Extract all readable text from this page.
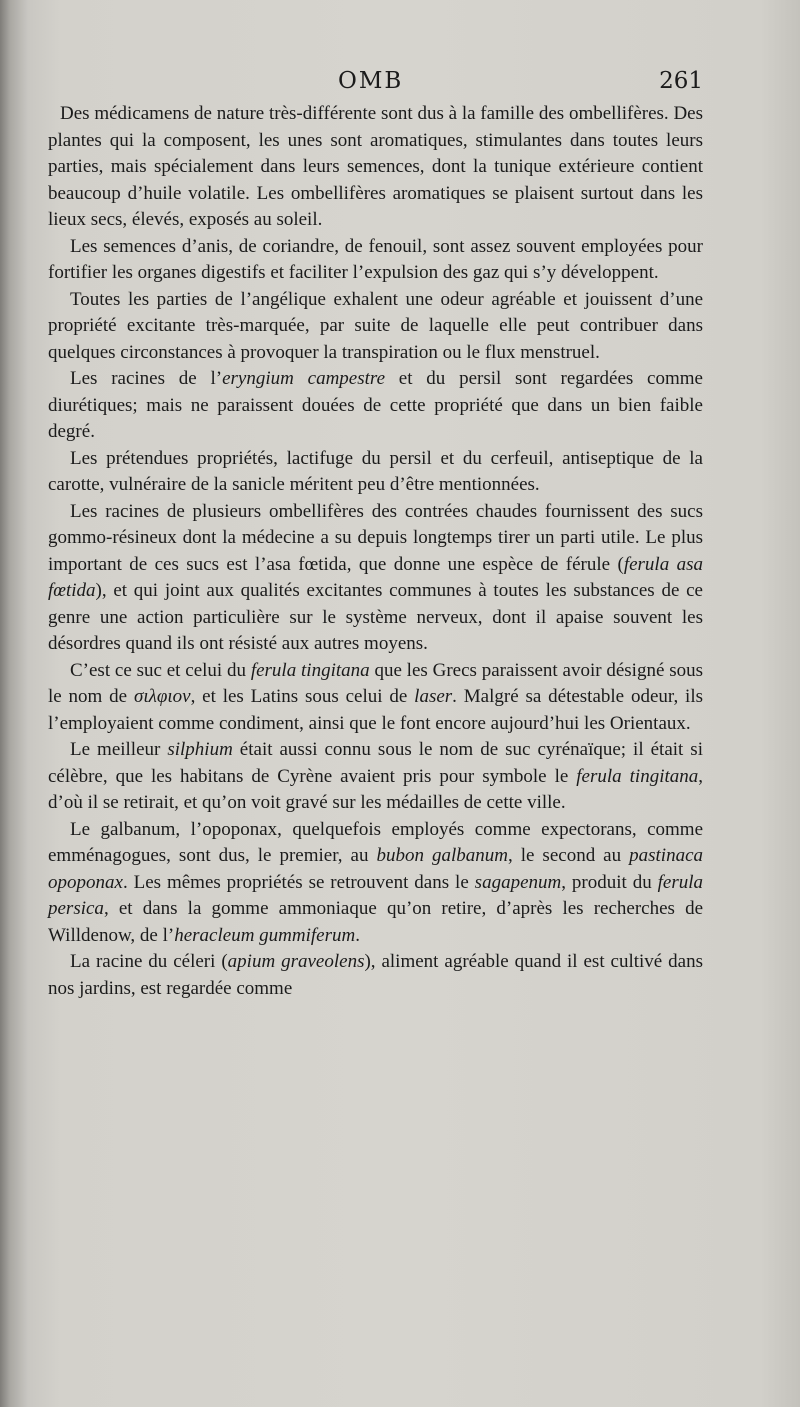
OMB	261

Des médicamens de nature très-différente sont dus à la famille des ombellifères. Des plantes qui la composent, les unes sont aromatiques, stimulantes dans toutes leurs parties, mais spécialement dans leurs semences, dont la tunique extérieure contient beaucoup d’huile volatile. Les ombellifères aromatiques se plaisent surtout dans les lieux secs, élevés, exposés au soleil.

Les semences d’anis, de coriandre, de fenouil, sont assez souvent employées pour fortifier les organes digestifs et faciliter l’expulsion des gaz qui s’y développent.

Toutes les parties de l’angélique exhalent une odeur agréable et jouissent d’une propriété excitante très-marquée, par suite de laquelle elle peut contribuer dans quelques circonstances à provoquer la transpiration ou le flux menstruel.

Les racines de l’eryngium campestre et du persil sont regardées comme diurétiques; mais ne paraissent douées de cette propriété que dans un bien faible degré.

Les prétendues propriétés, lactifuge du persil et du cerfeuil, antiseptique de la carotte, vulnéraire de la sanicle méritent peu d’être mentionnées.

Les racines de plusieurs ombellifères des contrées chaudes fournissent des sucs gommo-résineux dont la médecine a su depuis longtemps tirer un parti utile. Le plus important de ces sucs est l’asa fœtida, que donne une espèce de férule (ferula asa fœtida), et qui joint aux qualités excitantes communes à toutes les substances de ce genre une action particulière sur le système nerveux, dont il apaise souvent les désordres quand ils ont résisté aux autres moyens.

C’est ce suc et celui du ferula tingitana que les Grecs paraissent avoir désigné sous le nom de σιλφιον, et les Latins sous celui de laser. Malgré sa détestable odeur, ils l’employaient comme condiment, ainsi que le font encore aujourd’hui les Orientaux.

Le meilleur silphium était aussi connu sous le nom de suc cyrénaïque; il était si célèbre, que les habitans de Cyrène avaient pris pour symbole le ferula tingitana, d’où il se retirait, et qu’on voit gravé sur les médailles de cette ville.

Le galbanum, l’opoponax, quelquefois employés comme expectorans, comme emménagogues, sont dus, le premier, au bubon galbanum, le second au pastinaca opoponax. Les mêmes propriétés se retrouvent dans le sagapenum, produit du ferula persica, et dans la gomme ammoniaque qu’on retire, d’après les recherches de Willdenow, de l’heracleum gummiferum.

La racine du céleri (apium graveolens), aliment agréable quand il est cultivé dans nos jardins, est regardée comme
